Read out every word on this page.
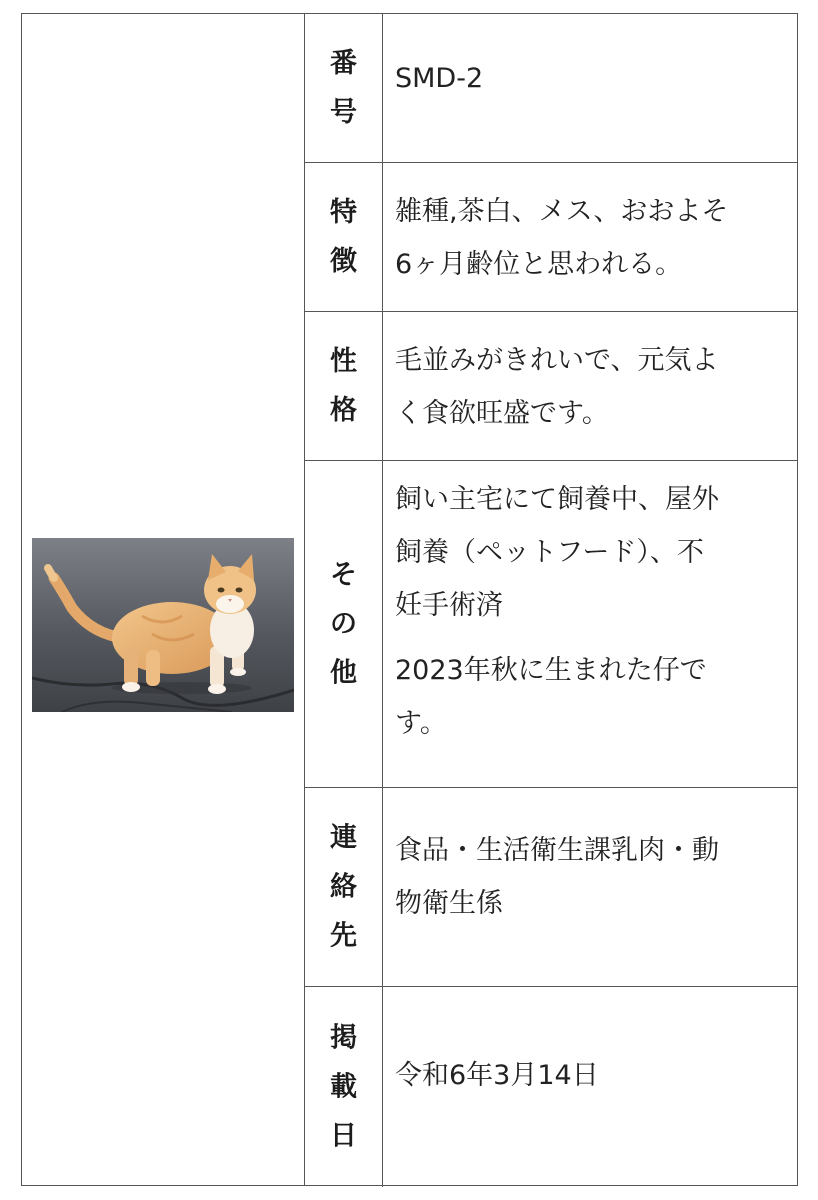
番
号

SMD-2

特
徴

雑種,茶白、メス、おおよそ

6ヶ月齢位と思われる。

性
格

毛並みがきれいで、元気よ

く食欲旺盛です。

そ
の
他

飼い主宅にて飼養中、屋外

飼養（ペットフード）、不

妊手術済

2023年秋に生まれた仔で

す。

連
絡
先

食品・生活衛生課乳肉・動

物衛生係

掲
載
日

令和6年3月14日
